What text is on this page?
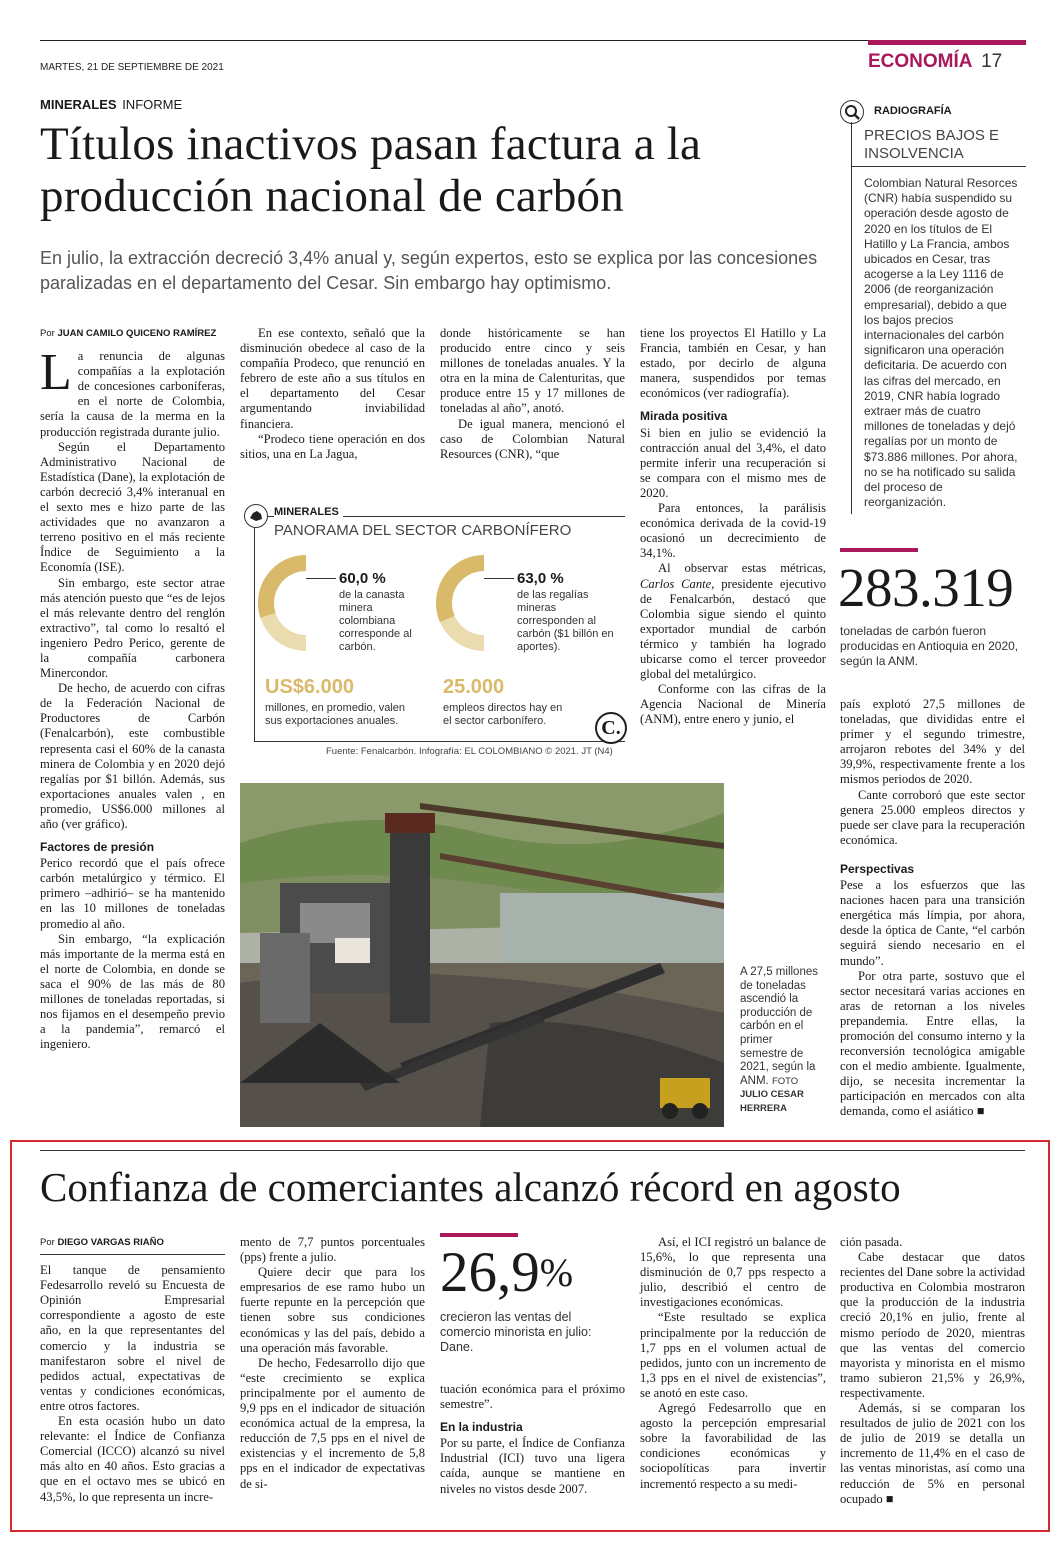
MARTES, 21 DE SEPTIEMBRE DE 2021	ECONOMÍA 17
MINERALES INFORME
Títulos inactivos pasan factura a la producción nacional de carbón
En julio, la extracción decreció 3,4% anual y, según expertos, esto se explica por las concesiones paralizadas en el departamento del Cesar. Sin embargo hay optimismo.
Por JUAN CAMILO QUICENO RAMÍREZ

La renuncia de algunas compañías a la explotación de concesiones carboníferas, en el norte de Colombia, sería la causa de la merma en la producción registrada durante julio.

Según el Departamento Administrativo Nacional de Estadística (Dane), la explotación de carbón decreció 3,4% interanual en el sexto mes e hizo parte de las actividades que no avanzaron a terreno positivo en el más reciente Índice de Seguimiento a la Economía (ISE).

Sin embargo, este sector atrae más atención puesto que “es de lejos el más relevante dentro del renglón extractivo”, tal como lo resaltó el ingeniero Pedro Perico, gerente de la compañía carbonera Minercondor.

De hecho, de acuerdo con cifras de la Federación Nacional de Productores de Carbón (Fenalcarbón), este combustible representa casi el 60% de la canasta minera de Colombia y en 2020 dejó regalías por $1 billón. Además, sus exportaciones anuales valen , en promedio, US$6.000 millones al año (ver gráfico).

Factores de presión

Perico recordó que el país ofrece carbón metalúrgico y térmico. El primero –adhirió– se ha mantenido en las 10 millones de toneladas promedio al año.

Sin embargo, “la explicación más importante de la merma está en el norte de Colombia, en donde se saca el 90% de las más de 80 millones de toneladas reportadas, si nos fijamos en el desempeño previo a la pandemia”, remarcó el ingeniero.

En ese contexto, señaló que la disminución obedece al caso de la compañía Prodeco, que renunció en febrero de este año a sus títulos en el departamento del Cesar argumentando inviabilidad financiera.

“Prodeco tiene operación en dos sitios, una en La Jagua,

donde históricamente se han producido entre cinco y seis millones de toneladas anuales. Y la otra en la mina de Calenturitas, que produce entre 15 y 17 millones de toneladas al año”, anotó.

De igual manera, mencionó el caso de Colombian Natural Resources (CNR), “que

tiene los proyectos El Hatillo y La Francia, también en Cesar, y han estado, por decirlo de alguna manera, suspendidos por temas económicos (ver radiografía).

Mirada positiva

Si bien en julio se evidenció la contracción anual del 3,4%, el dato permite inferir una recuperación si se compara con el mismo mes de 2020.

Para entonces, la parálisis económica derivada de la covid-19 ocasionó un decrecimiento de 34,1%.

Al observar estas métricas, Carlos Cante, presidente ejecutivo de Fenalcarbón, destacó que Colombia sigue siendo el quinto exportador mundial de carbón térmico y también ha logrado ubicarse como el tercer proveedor global del metalúrgico.

Conforme con las cifras de la Agencia Nacional de Minería (ANM), entre enero y junio, el

MINERALES
PANORAMA DEL SECTOR CARBONÍFERO
60,0 %
de la canasta minera colombiana corresponde al carbón.
63,0 %
de las regalías mineras corresponden al carbón ($1 billón en aportes).
US$6.000
millones, en promedio, valen sus exportaciones anuales.
25.000
empleos directos hay en el sector carbonífero.	C.
Fuente: Fenalcarbón. Infografía: EL COLOMBIANO © 2021. JT (N4)
A 27,5 millones de toneladas ascendió la producción de carbón en el primer semestre de 2021, según la ANM. FOTO
JULIO CESAR HERRERA
RADIOGRAFÍA
PRECIOS BAJOS E INSOLVENCIA
Colombian Natural Resorces (CNR) había suspendido su operación desde agosto de 2020 en los títulos de El Hatillo y La Francia, ambos ubicados en Cesar, tras acogerse a la Ley 1116 de 2006 (de reorganización empresarial), debido a que los bajos precios internacionales del carbón significaron una operación deficitaria. De acuerdo con las cifras del mercado, en 2019, CNR había logrado extraer más de cuatro millones de toneladas y dejó regalías por un monto de $73.886 millones. Por ahora, no se ha notificado su salida del proceso de reorganización.
283.319
toneladas de carbón fueron producidas en Antioquia en 2020, según la ANM.

país explotó 27,5 millones de toneladas, que divididas entre el primer y el segundo trimestre, arrojaron rebotes del 34% y del 39,9%, respectivamente frente a los mismos periodos de 2020.

Cante corroboró que este sector genera 25.000 empleos directos y puede ser clave para la recuperación económica.

Perspectivas

Pese a los esfuerzos que las naciones hacen para una transición energética más límpia, por ahora, desde la óptica de Cante, “el carbón seguirá siendo necesario en el mundo”.

Por otra parte, sostuvo que el sector necesitará varias acciones en aras de retornan a los niveles prepandemia. Entre ellas, la promoción del consumo interno y la reconversión tecnológica amigable con el medio ambiente. Igualmente, dijo, se necesita incrementar la participación en mercados con alta demanda, como el asiático ■

Confianza de comerciantes alcanzó récord en agosto
Por DIEGO VARGAS RIAÑO

El tanque de pensamiento Fedesarrollo reveló su Encuesta de Opinión Empresarial correspondiente a agosto de este año, en la que representantes del comercio y la industria se manifestaron sobre el nivel de pedidos actual, expectativas de ventas y condiciones económicas, entre otros factores.

En esta ocasión hubo un dato relevante: el Índice de Confianza Comercial (ICCO) alcanzó su nivel más alto en 40 años. Esto gracias a que en el octavo mes se ubicó en 43,5%, lo que representa un incre-

mento de 7,7 puntos porcentuales (pps) frente a julio.

Quiere decir que para los empresarios de ese ramo hubo un fuerte repunte en la percepción que tienen sobre sus condiciones económicas y las del país, debido a una operación más favorable.

De hecho, Fedesarrollo dijo que “este crecimiento se explica principalmente por el aumento de 9,9 pps en el indicador de situación económica actual de la empresa, la reducción de 7,5 pps en el nivel de existencias y el incremento de 5,8 pps en el indicador de expectativas de si-

26,9%
crecieron las ventas del comercio minorista en julio: Dane.

tuación económica para el próximo semestre”.

En la industria

Por su parte, el Índice de Confianza Industrial (ICI) tuvo una ligera caída, aunque se mantiene en niveles no vistos desde 2007.

Así, el ICI registró un balance de 15,6%, lo que representa una disminución de 0,7 pps respecto a julio, describió el centro de investigaciones económicas.

“Este resultado se explica principalmente por la reducción de 1,7 pps en el volumen actual de pedidos, junto con un incremento de 1,3 pps en el nivel de existencias”, se anotó en este caso.

Agregó Fedesarrollo que en agosto la percepción empresarial sobre la favorabilidad de las condiciones económicas y sociopolíticas para invertir incrementó respecto a su medi-

ción pasada.

Cabe destacar que datos recientes del Dane sobre la actividad productiva en Colombia mostraron que la producción de la industria creció 20,1% en julio, frente al mismo período de 2020, mientras que las ventas del comercio mayorista y minorista en el mismo tramo subieron 21,5% y 26,9%, respectivamente.

Además, si se comparan los resultados de julio de 2021 con los de julio de 2019 se detalla un incremento de 11,4% en el caso de las ventas minoristas, así como una reducción de 5% en personal ocupado ■
